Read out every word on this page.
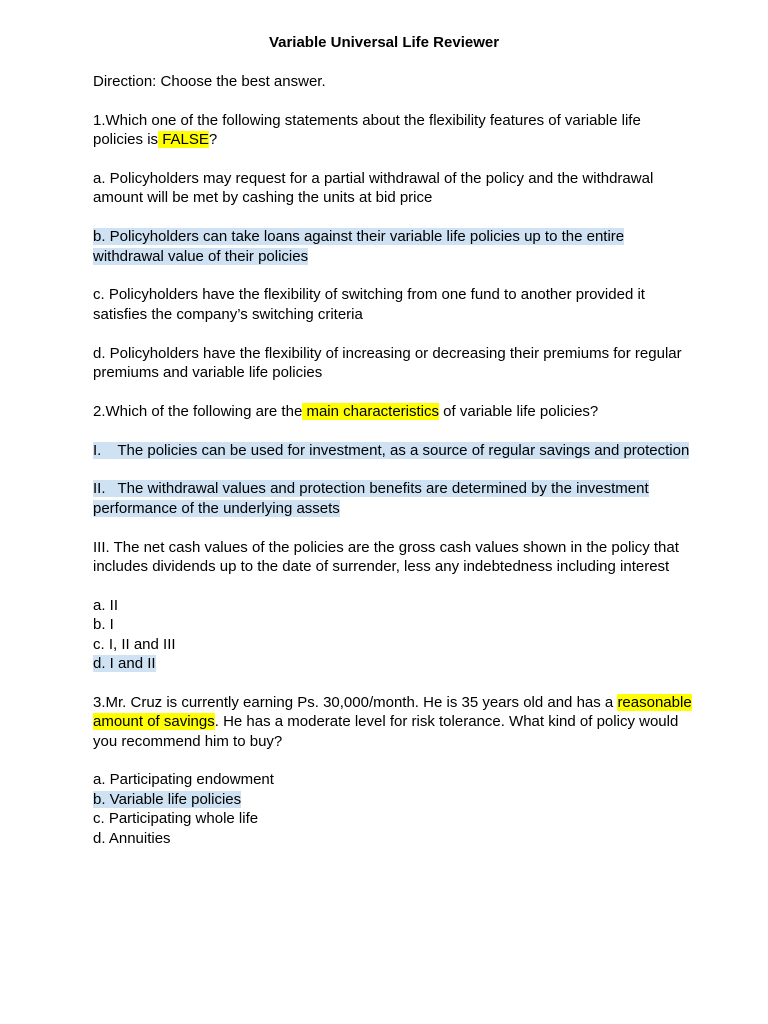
Variable Universal Life Reviewer

Direction: Choose the best answer.

1.Which one of the following statements about the flexibility features of variable life policies is FALSE?

a. Policyholders may request for a partial withdrawal of the policy and the withdrawal amount will be met by cashing the units at bid price

b. Policyholders can take loans against their variable life policies up to the entire withdrawal value of their policies

c. Policyholders have the flexibility of switching from one fund to another provided it satisfies the company’s switching criteria

d. Policyholders have the flexibility of increasing or decreasing their premiums for regular premiums and variable life policies

2.Which of the following are the main characteristics of variable life policies?

I. The policies can be used for investment, as a source of regular savings and protection

II. The withdrawal values and protection benefits are determined by the investment performance of the underlying assets

III. The net cash values of the policies are the gross cash values shown in the policy that includes dividends up to the date of surrender, less any indebtedness including interest

a. II

b. I

c. I, II and III

d. I and II

3.Mr. Cruz is currently earning Ps. 30,000/month. He is 35 years old and has a reasonable amount of savings. He has a moderate level for risk tolerance. What kind of policy would you recommend him to buy?

a. Participating endowment

b. Variable life policies

c. Participating whole life

d. Annuities
